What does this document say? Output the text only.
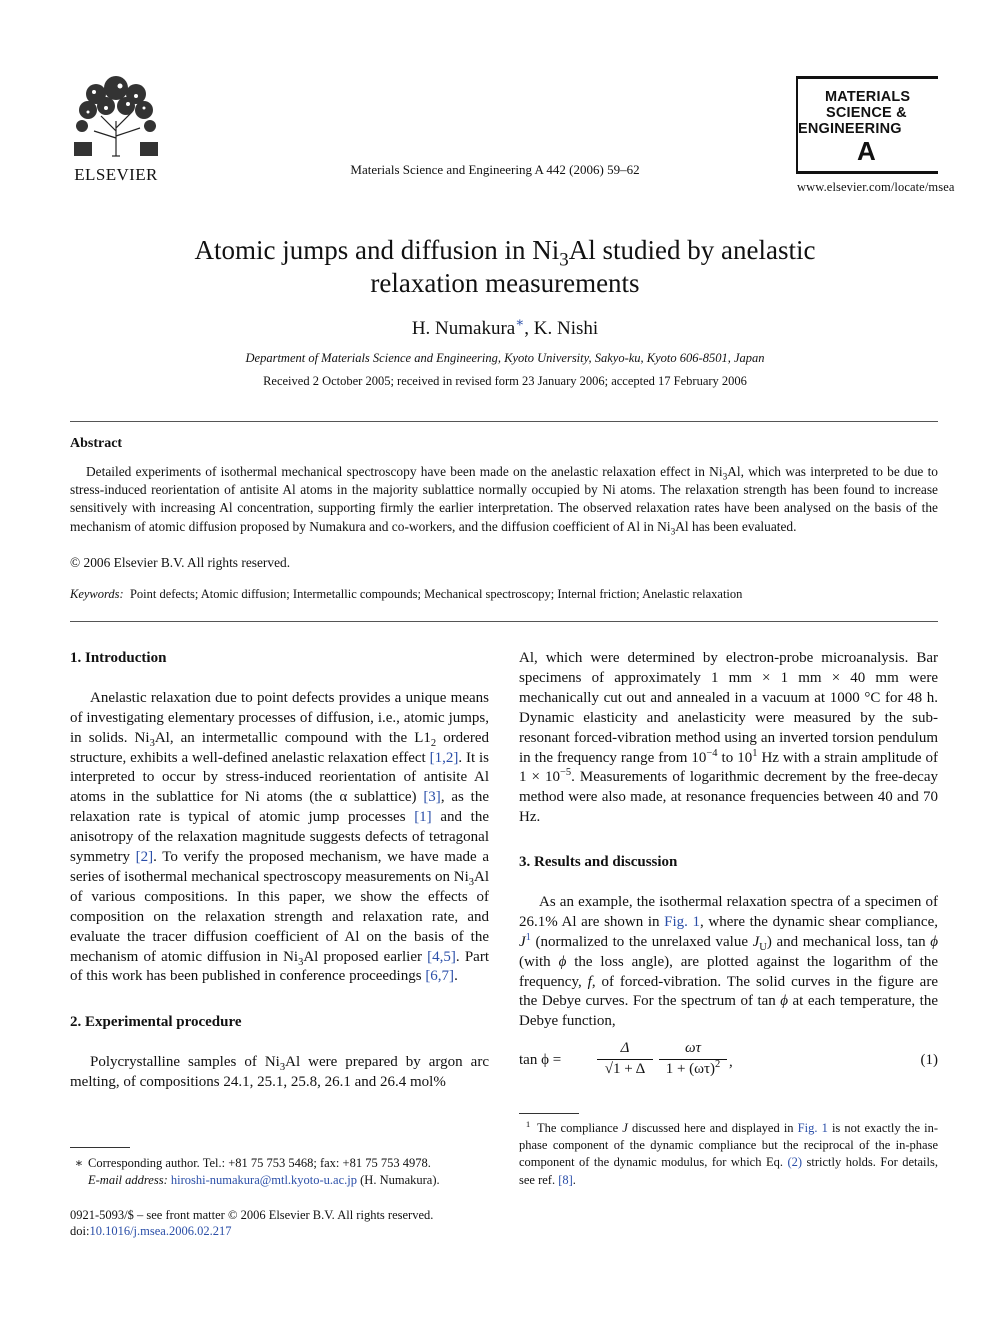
ELSEVIER	Materials Science and Engineering A 442 (2006) 59–62
MATERIALS
SCIENCE &
ENGINEERING
A
www.elsevier.com/locate/msea
Atomic jumps and diffusion in $Ni_3Al$ studied by anelastic
relaxation measurements
H. Numakura∗, K. Nishi
Department of Materials Science and Engineering, Kyoto University, Sakyo-ku, Kyoto 606-8501, Japan
Received 2 October 2005; received in revised form 23 January 2006; accepted 17 February 2006
Abstract
Detailed experiments of isothermal mechanical spectroscopy have been made on the anelastic relaxation effect in $Ni_3Al$, which was interpreted to be due to stress-induced reorientation of antisite Al atoms in the majority sublattice normally occupied by Ni atoms. The relaxation strength has been found to increase sensitively with increasing Al concentration, supporting firmly the earlier interpretation. The observed relaxation rates have been analysed on the basis of the mechanism of atomic diffusion proposed by Numakura and co-workers, and the diffusion coefficient of Al in $Ni_3Al$ has been evaluated.
© 2006 Elsevier B.V. All rights reserved.
Keywords: Point defects; Atomic diffusion; Intermetallic compounds; Mechanical spectroscopy; Internal friction; Anelastic relaxation
1. Introduction

Anelastic relaxation due to point defects provides a unique means of investigating elementary processes of diffusion, i.e., atomic jumps, in solids. $Ni_3Al$, an intermetallic compound with the $L1_2$ ordered structure, exhibits a well-defined anelastic relaxation effect [1,2]. It is interpreted to occur by stress-induced reorientation of antisite Al atoms in the sublattice for Ni atoms (the α sublattice) [3], as the relaxation rate is typical of atomic jump processes [1] and the anisotropy of the relaxation magnitude suggests defects of tetragonal symmetry [2]. To verify the proposed mechanism, we have made a series of isothermal mechanical spectroscopy measurements on $Ni_3Al$ of various compositions. In this paper, we show the effects of composition on the relaxation strength and relaxation rate, and evaluate the tracer diffusion coefficient of Al on the basis of the mechanism of atomic diffusion in $Ni_3Al$ proposed earlier [4,5]. Part of this work has been published in conference proceedings [6,7].

2. Experimental procedure

Polycrystalline samples of $Ni_3Al$ were prepared by argon arc melting, of compositions 24.1, 25.1, 25.8, 26.1 and 26.4 mol%

Al, which were determined by electron-probe microanalysis. Bar specimens of approximately 1 mm × 1 mm × 40 mm were mechanically cut out and annealed in a vacuum at 1000 °C for 48 h. Dynamic elasticity and anelasticity were measured by the sub-resonant forced-vibration method using an inverted torsion pendulum in the frequency range from $10^{-4}$ to $10^1$ Hz with a strain amplitude of $1 \times 10^{-5}$. Measurements of logarithmic decrement by the free-decay method were also made, at resonance frequencies between 40 and 70 Hz.

3. Results and discussion

As an example, the isothermal relaxation spectra of a specimen of 26.1% Al are shown in Fig. 1, where the dynamic shear compliance, $J^1$ (normalized to the unrelaxed value $J_U$) and mechanical loss, tan ϕ (with ϕ the loss angle), are plotted against the logarithm of the frequency, f, of forced-vibration. The solid curves in the figure are the Debye curves. For the spectrum of tan ϕ at each temperature, the Debye function,

$\tan \phi = \frac{\Delta}{√1 + \Delta}$	ωτ
$1 + (\omega\tau)^2$ ,	(1)
∗ Corresponding author. Tel.: +81 75 753 5468; fax: +81 75 753 4978.
E-mail address: hiroshi-numakura@mtl.kyoto-u.ac.jp (H. Numakura).
$^1$ The compliance J discussed here and displayed in Fig. 1 is not exactly the in-phase component of the dynamic compliance but the reciprocal of the in-phase component of the dynamic modulus, for which Eq. (2) strictly holds. For details, see ref. [8].
0921-5093/$ – see front matter © 2006 Elsevier B.V. All rights reserved.
doi:10.1016/j.msea.2006.02.217
